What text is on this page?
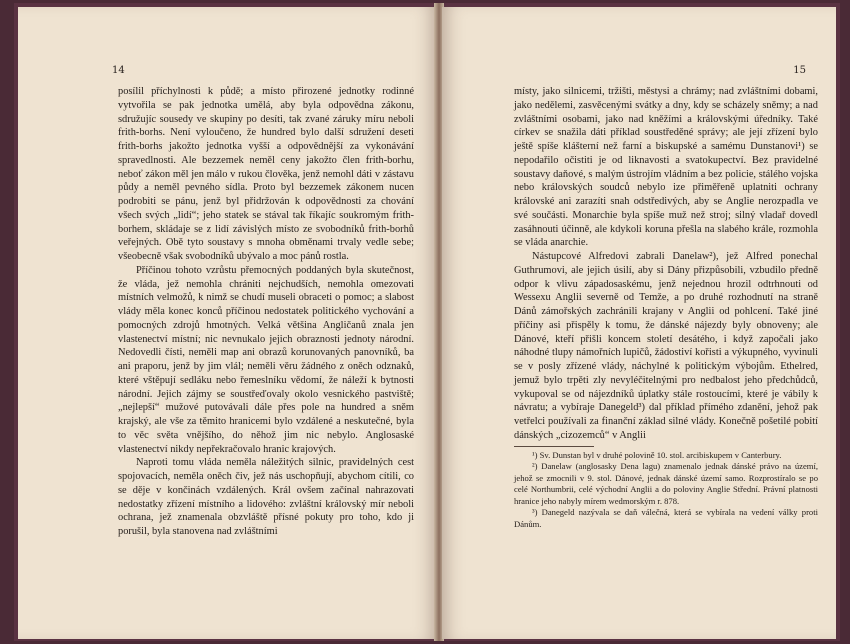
14

posílil příchylnosti k půdě; a místo přirozené jednotky rodinné vytvořila se pak jednotka umělá, aby byla odpovědna zákonu, sdružujíc sousedy ve skupiny po desíti, tak zvané záruky míru neboli frith-borhs. Není vyloučeno, že hundred bylo další sdružení deseti frith-borhs jakožto jednotka vyšší a odpovědnější za vykonávání spravedlnosti. Ale bezzemek neměl ceny jakožto člen frith-borhu, neboť zákon měl jen málo v rukou člověka, jenž nemohl dáti v zástavu půdy a neměl pevného sídla. Proto byl bezzemek zákonem nucen podrobiti se pánu, jenž byl přidržován k odpovědnosti za chování všech svých „lidí“; jeho statek se stával tak říkajíc soukromým frith-borhem, skládaje se z lidí závislých místo ze svobodníků frith-borhů veřejných. Obě tyto soustavy s mnoha obměnami trvaly vedle sebe; všeobecně však svobodníků ubývalo a moc pánů rostla.

Příčinou tohoto vzrůstu přemocných poddaných byla skutečnost, že vláda, jež nemohla chrániti nejchudších, nemohla omezovati místních velmožů, k nimž se chudí museli obraceti o pomoc; a slabost vlády měla konec konců příčinou nedostatek politického vychování a pomocných zdrojů hmotných. Velká většina Angličanů znala jen vlastenectví místní; nic nevnukalo jejich obraznosti jednoty národní. Nedovedli čísti, neměli map ani obrazů korunovaných panovníků, ba ani praporu, jenž by jim vlál; neměli věru žádného z oněch odznaků, které vštěpují sedláku nebo řemeslníku vědomí, že náleží k bytnosti národní. Jejich zájmy se soustřeďovaly okolo vesnického pastviště; „nejlepší“ mužové putovávali dále přes pole na hundred a sněm krajský, ale vše za těmito hranicemi bylo vzdálené a neskutečné, byla to věc světa vnějšího, do něhož jim nic nebylo. Anglosaské vlastenectví nikdy nepřekračovalo hranic krajových.

Naproti tomu vláda neměla náležitých silnic, pravidelných cest spojovacích, neměla oněch čiv, jež nás uschopňují, abychom cítili, co se děje v končinách vzdálených. Král ovšem začínal nahrazovati nedostatky zřízení místního a lidového: zvláštní královský mír neboli ochrana, jež znamenala obzvláště přísné pokuty pro toho, kdo ji porušil, byla stanovena nad zvláštními

15

místy, jako silnicemi, tržišti, městysi a chrámy; nad zvláštními dobami, jako nedělemi, zasvěcenými svátky a dny, kdy se scházely sněmy; a nad zvláštními osobami, jako nad kněžími a královskými úředníky. Také církev se snažila dáti příklad soustředěné správy; ale její zřízení bylo ještě spíše klášterní než farní a biskupské a samému Dunstanovi¹) se nepodařilo očistiti je od liknavosti a svatokupectví. Bez pravidelné soustavy daňové, s malým ústrojím vládním a bez policie, stálého vojska nebo královských soudců nebylo ize přiměřeně uplatniti ochrany královské ani zarazíti snah odstředivých, aby se Anglie nerozpadla ve své součásti. Monarchie byla spíše muž než stroj; silný vladař dovedl zasáhnouti účinně, ale kdykoli koruna přešla na slabého krále, rozmohla se vláda anarchie.

Nástupcové Alfredovi zabrali Danelaw²), jež Alfred ponechal Guthrumovi, ale jejich úsilí, aby si Dány přizpůsobili, vzbudilo předně odpor k vlivu západosaskému, jenž nejednou hrozil odtrhnouti od Wessexu Anglii severně od Temže, a po druhé rozhodnutí na straně Dánů zámořských zachránili krajany v Anglii od pohlcení. Také jiné příčiny asi přispěly k tomu, že dánské nájezdy byly obnoveny; ale Dánové, kteří přišli koncem století desátého, i když započali jako náhodné tlupy námořních lupičů, žádostiví kořisti a výkupného, vyvinuli se v posly zřízené vlády, náchylné k politickým výbojům. Ethelred, jemuž bylo trpěti zly nevyléčitelnými pro nedbalost jeho předchůdců, vykupoval se od nájezdníků úplatky stále rostoucími, které je vábily k návratu; a vybíraje Danegeld³) dal příklad přímého zdanění, jehož pak vetřelci používali za finanční základ silné vlády. Konečně pošetilé pobití dánských „cizozemců“ v Anglii

¹) Sv. Dunstan byl v druhé polovině 10. stol. arcibiskupem v Canterbury.

²) Danelaw (anglosasky Dena lagu) znamenalo jednak dánské právo na území, jehož se zmocnili v 9. stol. Dánové, jednak dánské území samo. Rozprostíralo se po celé Northumbrii, celé východní Anglii a do poloviny Anglie Střední. Právní platnosti hranice jeho nabyly mírem wedmorským r. 878.

³) Danegeld nazývala se daň válečná, která se vybírala na vedení války proti Dánům.
